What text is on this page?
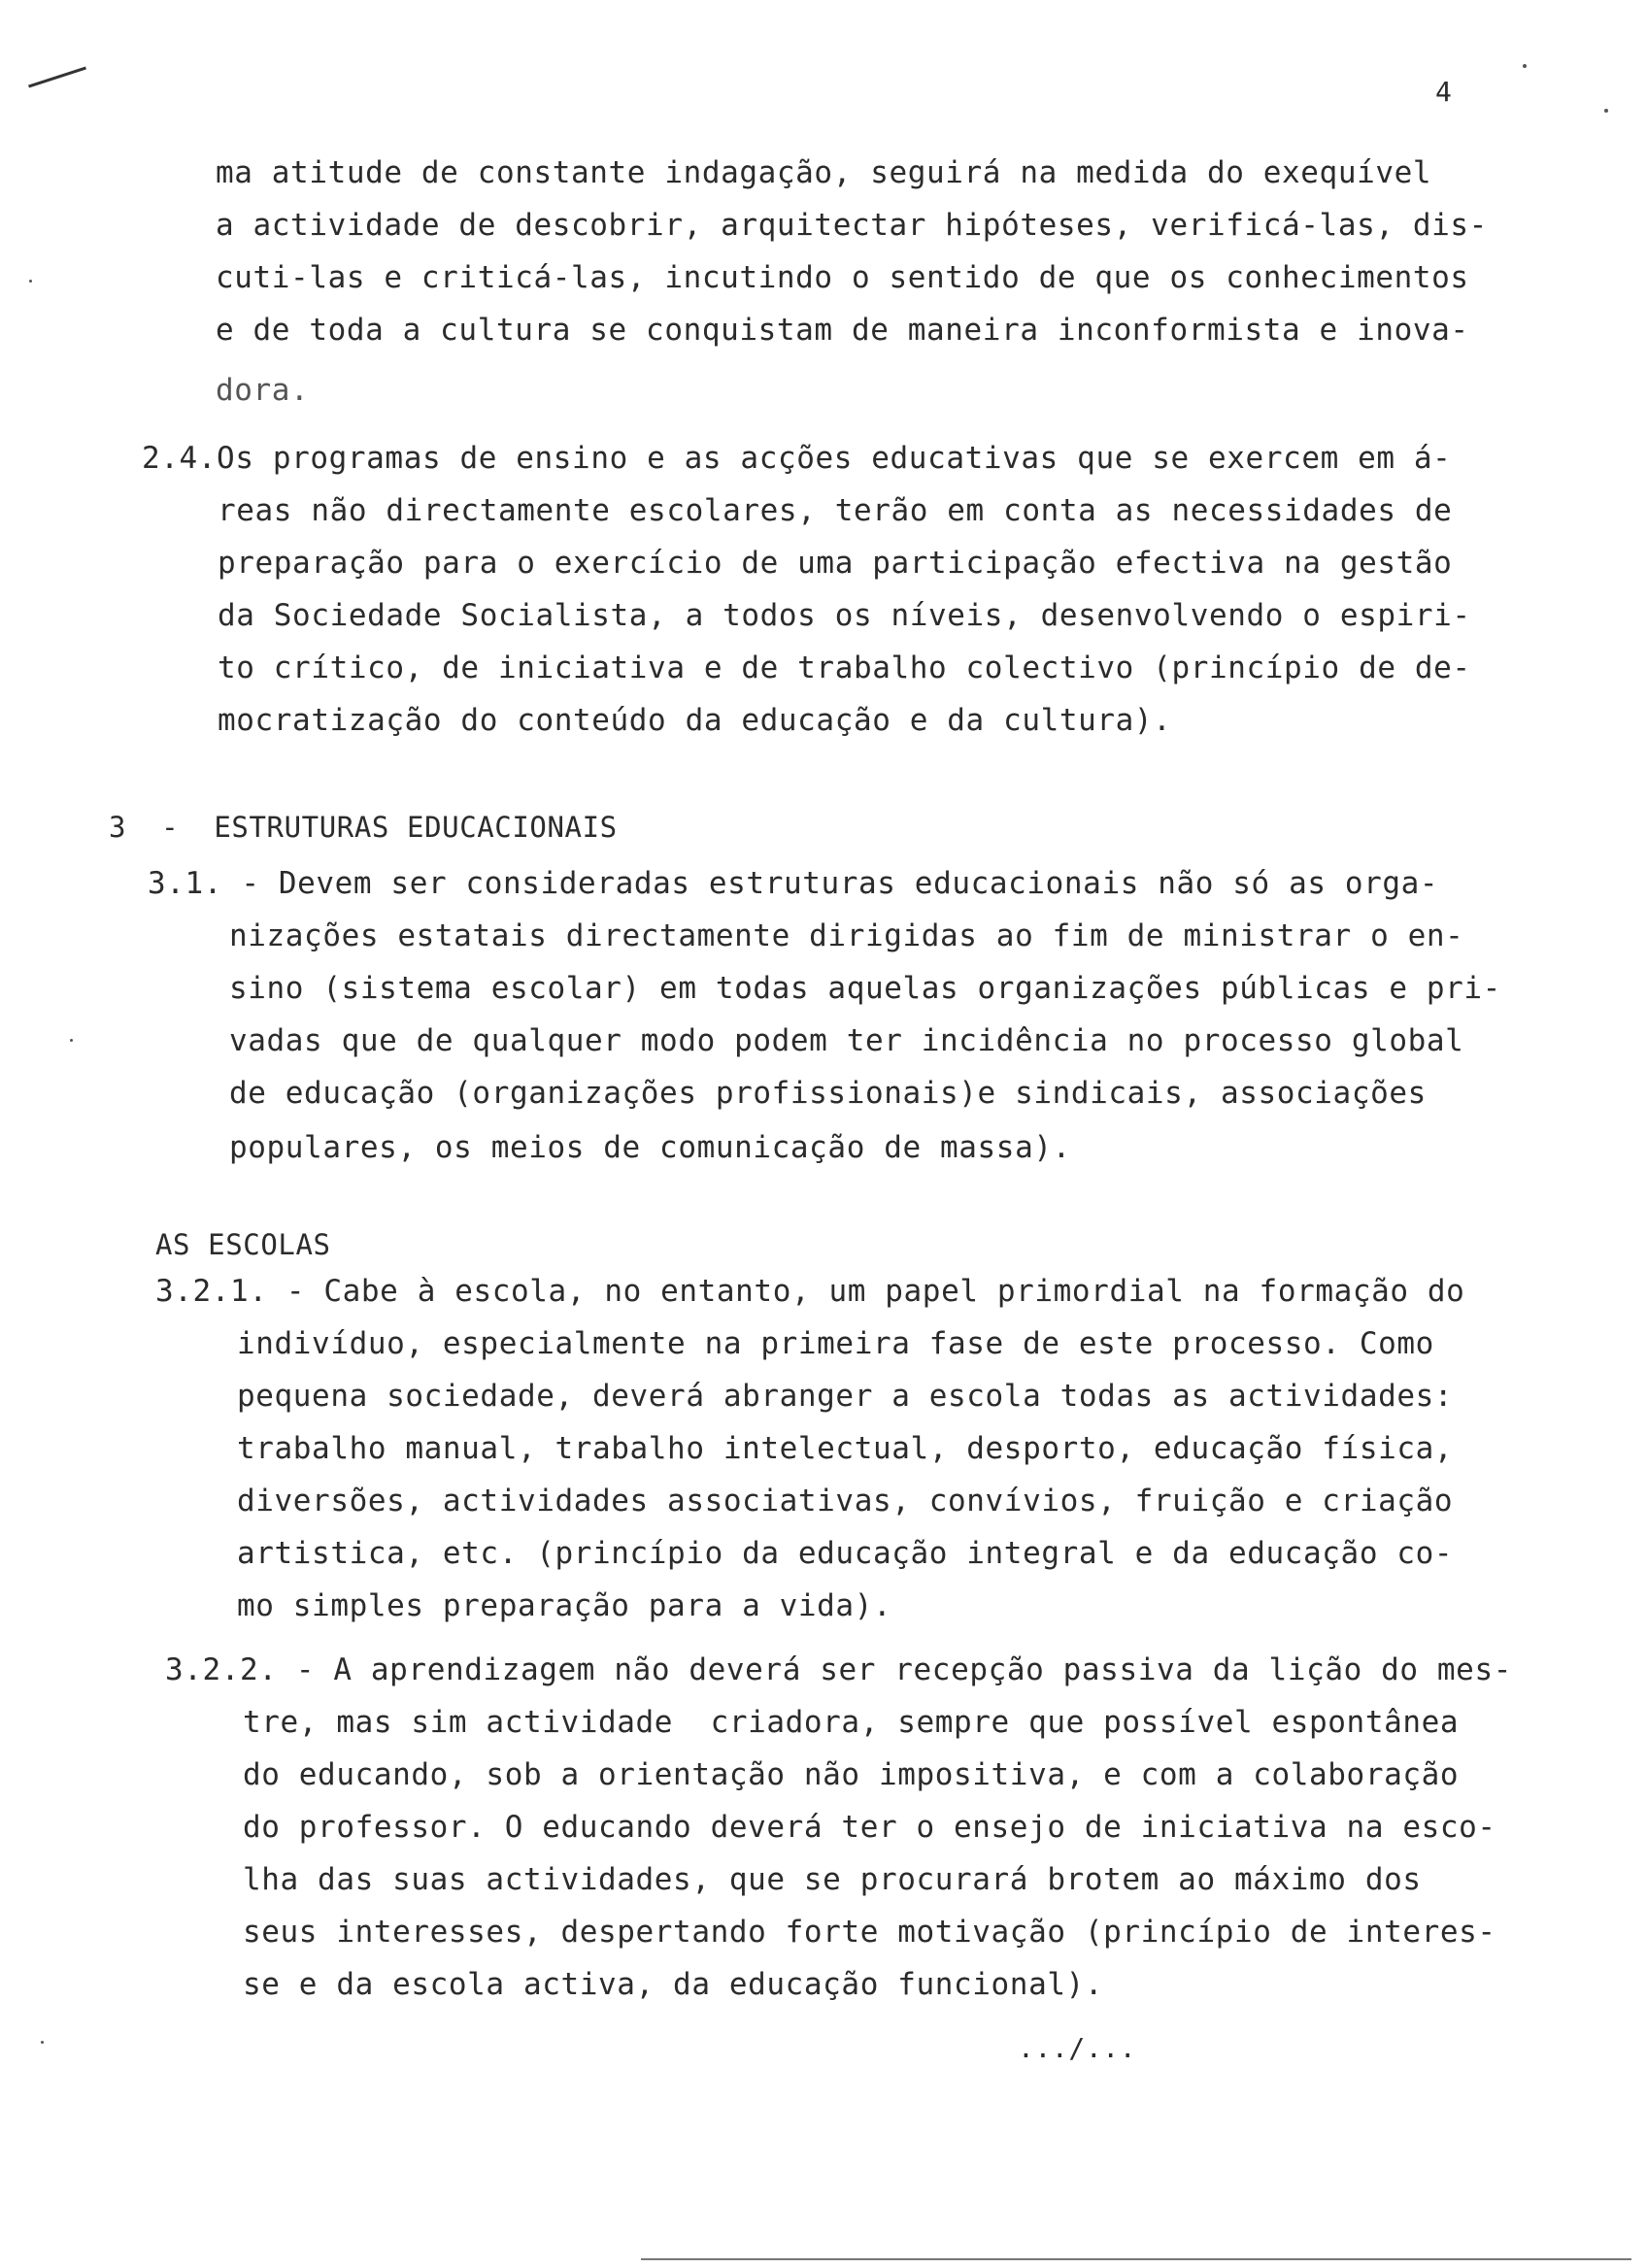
4
ma atitude de constante indagação, seguirá na medida do exequível
a actividade de descobrir, arquitectar hipóteses, verificá-las, dis-
cuti-las e criticá-las, incutindo o sentido de que os conhecimentos
e de toda a cultura se conquistam de maneira inconformista e inova-
dora.
2.4.Os programas de ensino e as acções educativas que se exercem em á-
reas não directamente escolares, terão em conta as necessidades de
preparação para o exercício de uma participação efectiva na gestão
da Sociedade Socialista, a todos os níveis, desenvolvendo o espiri-
to crítico, de iniciativa e de trabalho colectivo (princípio de de-
mocratização do conteúdo da educação e da cultura).
3  -  ESTRUTURAS EDUCACIONAIS
3.1. - Devem ser consideradas estruturas educacionais não só as orga-
nizações estatais directamente dirigidas ao fim de ministrar o en-
sino (sistema escolar) em todas aquelas organizações públicas e pri-
vadas que de qualquer modo podem ter incidência no processo global
de educação (organizações profissionais)e sindicais, associações
populares, os meios de comunicação de massa).
AS ESCOLAS
3.2.1. - Cabe à escola, no entanto, um papel primordial na formação do
indivíduo, especialmente na primeira fase de este processo. Como
pequena sociedade, deverá abranger a escola todas as actividades:
trabalho manual, trabalho intelectual, desporto, educação física,
diversões, actividades associativas, convívios, fruição e criação
artistica, etc. (princípio da educação integral e da educação co-
mo simples preparação para a vida).
3.2.2. - A aprendizagem não deverá ser recepção passiva da lição do mes-
tre, mas sim actividade  criadora, sempre que possível espontânea
do educando, sob a orientação não impositiva, e com a colaboração
do professor. O educando deverá ter o ensejo de iniciativa na esco-
lha das suas actividades, que se procurará brotem ao máximo dos
seus interesses, despertando forte motivação (princípio de interes-
se e da escola activa, da educação funcional).
.../...
